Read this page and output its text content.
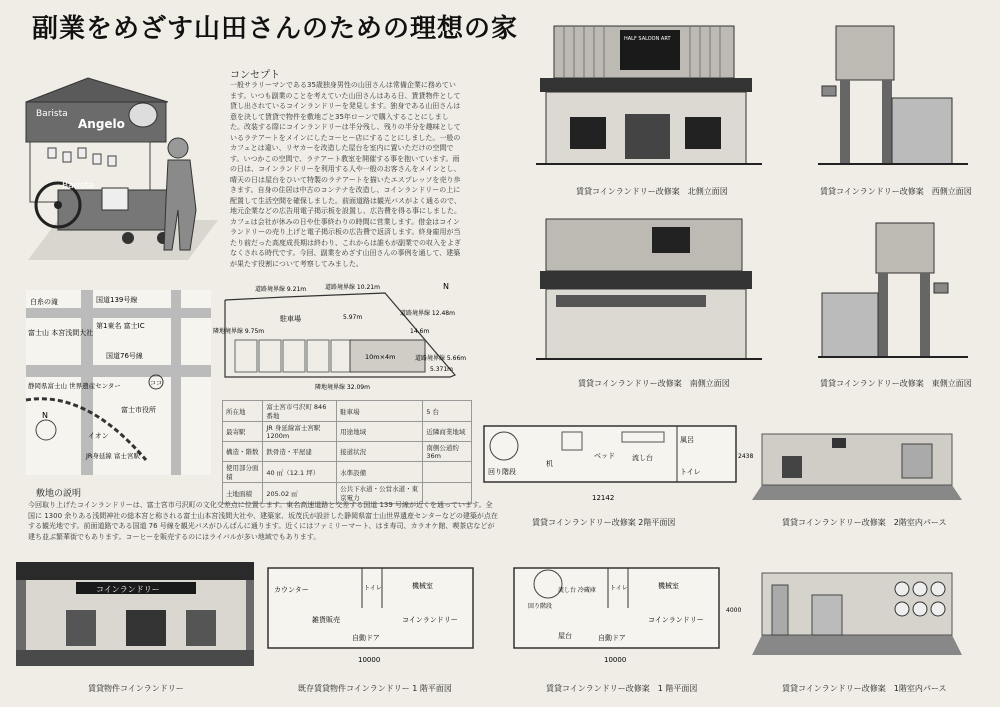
副業をめざす山田さんのための理想の家
Barista
Angelo
Barista
コンセプト
一般サラリーマンである35歳独身男性の山田さんは常備企業に務めています。いつも副業のことを考えていた山田さんはある日、賃貸物件として貸し出されているコインランドリーを発見します。独身である山田さんは意を決して賃貸で物件を敷地ごと35年ローンで購入することにしました。改装する際にコインランドリーは半分残し、残りの半分を趣味としているラテアートをメインにしたコーヒー店にすることにしました。一般のカフェとは違い、リヤカーを改造した屋台を室内に置いただけの空間です。いつかこの空間で、ラテアート教室を開催する事を抱いています。雨の日は、コインランドリーを利用する人や一般のお客さんをメインとし、晴天の日は屋台をひいて特製のラテアートを描いたエスプレッソを売り歩きます。自身の住居は中古のコンテナを改造し、コインランドリーの上に配置して生活空間を確保しました。前面道路は観光バスがよく通るので、地元企業などの広告用電子掲示板を設置し、広告費を得る事にしました。カフェは会社が休みの日や仕事終わりの時間に営業します。借金はコインランドリーの売り上げと電子掲示板の広告費で返済します。終身雇用が当たり前だった高度成長期は終わり、これからは誰もが副業での収入をよぎなくされる時代です。今回、副業をめざす山田さんの事例を通して、建築が果たす役割について考察してみました。
白糸の滝	国道139号線
第1東名 富士IC
富士山 本宮浅間大社
国道76号線
静岡県富士山 世界遺産センター	ココ
富士市役所
イオン
JR身延線 富士宮駅
N
道路境界線 9.21m	道路境界線 10.21m
道路境界線 12.48m
道路境界線 5.66m
隣地境界線 9.75m
隣地境界線 32.09m
駐車場
10m×4m
5.97m
14.6m
5.371m
N
所在地	富士宮市弓沢町 846 番地	駐車場	5 台
最寄駅	JR 身延線富士宮駅 1200m	用途地域	近隣商業地域
構造・階数	鉄骨造・平屋建	接道状況	南側公道約 36m
使用部分面積	40 ㎡（12.1 坪）	水準設備	
土地面積	205.02 ㎡	公共下水道・公営水道・東京電力	
敷地の説明
今回取り上げたコインランドリーは、富士宮市弓沢町の文化交差点に位置します。東名高速道路と交差する国道 139 号線が近くを通っています。全国に 1300 余りある浅間神社の総本宮と称される富士山本宮浅間大社や、建築家、坂茂氏が設計した静岡県富士山世界遺産センターなどの建築が点在する観光地です。前面道路である国道 76 号線を観光バスがひんぱんに通ります。近くにはファミリーマート、はま寿司、カラオケ館、喫茶店などが建ち並ぶ繁華街でもあります。コーヒーを販売するのにはライバルが多い地域でもあります。
HALF SALOON ART
賃貸コインランドリー改修案　北側立面図	賃貸コインランドリー改修案　西側立面図
賃貸コインランドリー改修案　南側立面図	賃貸コインランドリー改修案　東側立面図
風呂
トイレ
ベッド 流し台
机
回り階段
12142
2438
賃貸コインランドリー改修案 2階平面図	賃貸コインランドリー改修案　2階室内パース
コインランドリー
賃貸物件コインランドリー
カウンター	トイレ	機械室
雑貨販売	コインランドリー
自動ドア
10000
既存賃貸物件コインランドリー 1 階平面図
流し台 冷蔵庫 トイレ	機械室
回り階段
屋台
コインランドリー
自動ドア
10000
4000
賃貸コインランドリー改修案　1 階平面図	賃貸コインランドリー改修案　1階室内パース
